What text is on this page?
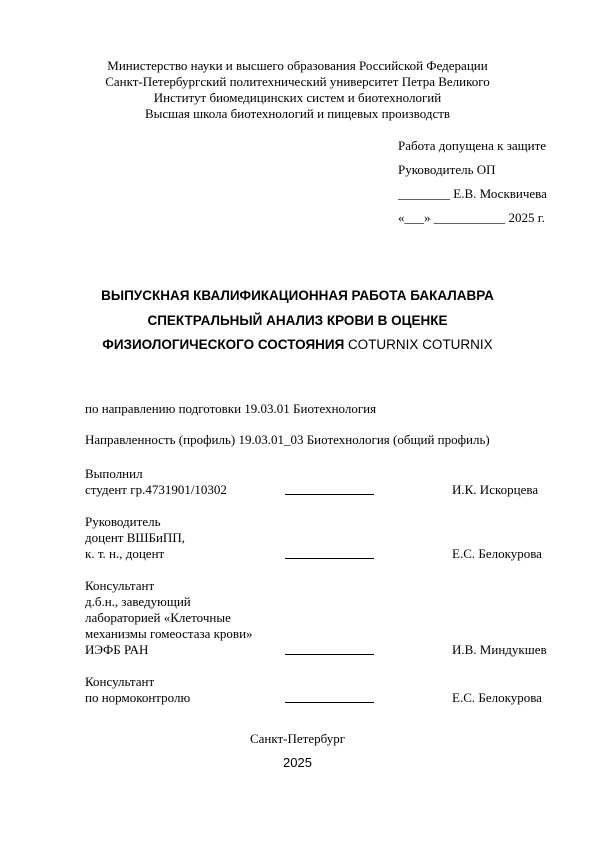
Министерство науки и высшего образования Российской Федерации
Санкт-Петербургский политехнический университет Петра Великого
Институт биомедицинских систем и биотехнологий
Высшая школа биотехнологий и пищевых производств
Работа допущена к защите
Руководитель ОП
________ Е.В. Москвичева
«___» ___________ 2025 г.
ВЫПУСКНАЯ КВАЛИФИКАЦИОННАЯ РАБОТА БАКАЛАВРА
СПЕКТРАЛЬНЫЙ АНАЛИЗ КРОВИ В ОЦЕНКЕ
ФИЗИОЛОГИЧЕСКОГО СОСТОЯНИЯ COTURNIX COTURNIX
по направлению подготовки 19.03.01 Биотехнология
Направленность (профиль) 19.03.01_03 Биотехнология (общий профиль)
Выполнил
студент гр.4731901/10302	И.К. Искорцева
Руководитель
доцент ВШБиПП,
к. т. н., доцент	Е.С. Белокурова
Консультант
д.б.н., заведующий
лабораторией «Клеточные
механизмы гомеостаза крови»
ИЭФБ РАН	И.В. Миндукшев
Консультант
по нормоконтролю	Е.С. Белокурова
Санкт-Петербург
2025
